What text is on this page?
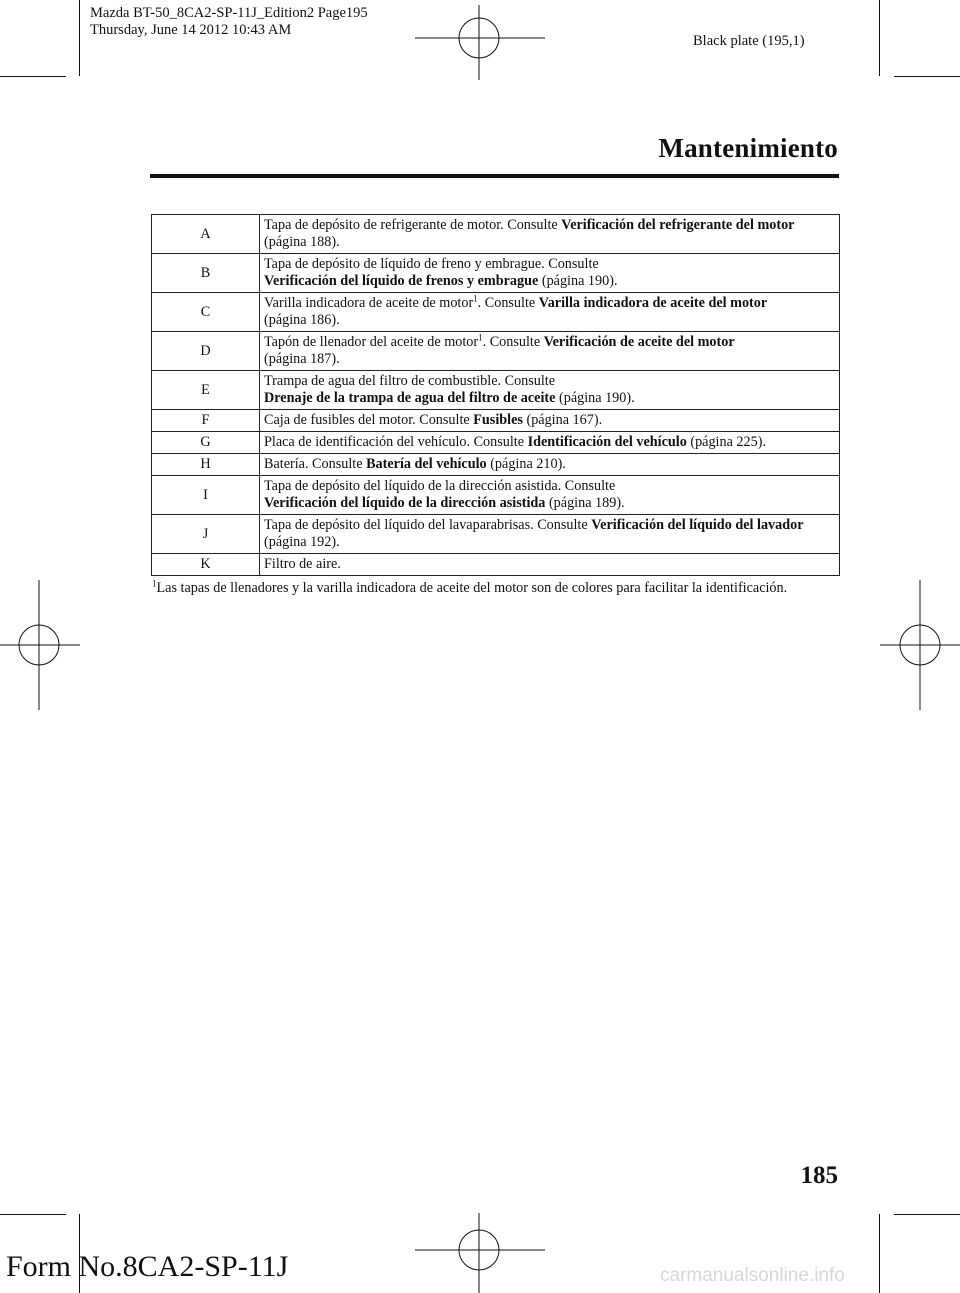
Mazda BT-50_8CA2-SP-11J_Edition2 Page195
Thursday, June 14 2012 10:43 AM
Black plate (195,1)
Mantenimiento
A	Tapa de depósito de refrigerante de motor. Consulte Verificación del refrigerante del motor
(página 188).
B	Tapa de depósito de líquido de freno y embrague. Consulte
Verificación del líquido de frenos y embrague (página 190).
C	Varilla indicadora de aceite de motor$^1$. Consulte Varilla indicadora de aceite del motor
(página 186).
D	Tapón de llenador del aceite de motor$^1$. Consulte Verificación de aceite del motor
(página 187).
E	Trampa de agua del filtro de combustible. Consulte
Drenaje de la trampa de agua del filtro de aceite (página 190).
F	Caja de fusibles del motor. Consulte Fusibles (página 167).
G	Placa de identificación del vehículo. Consulte Identificación del vehículo (página 225).
H	Batería. Consulte Batería del vehículo (página 210).
I	Tapa de depósito del líquido de la dirección asistida. Consulte
Verificación del líquido de la dirección asistida (página 189).
J	Tapa de depósito del líquido del lavaparabrisas. Consulte Verificación del líquido del lavador
(página 192).
K	Filtro de aire.
$^1$Las tapas de llenadores y la varilla indicadora de aceite del motor son de colores para facilitar la identificación.
185
Form No.8CA2-SP-11J	carmanualsonline.info
